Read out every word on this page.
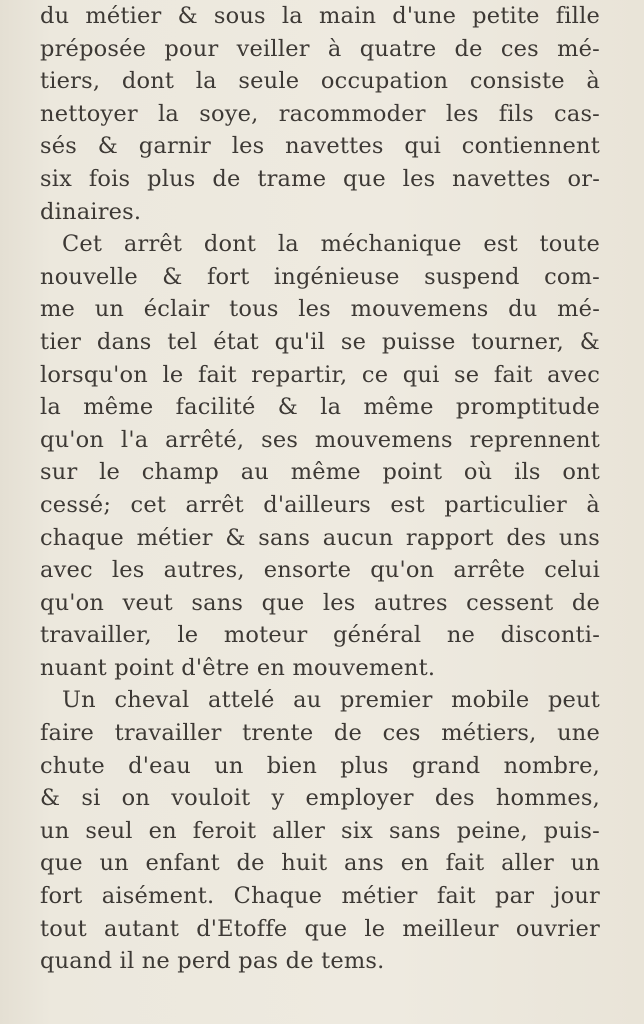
du métier & sous la main d'une petite fille
préposée pour veiller à quatre de ces mé-
tiers, dont la seule occupation consiste à
nettoyer la soye, racommoder les fils cas-
sés & garnir les navettes qui contiennent
six fois plus de trame que les navettes or-
dinaires.
Cet arrêt dont la méchanique est toute
nouvelle & fort ingénieuse suspend com-
me un éclair tous les mouvemens du mé-
tier dans tel état qu'il se puisse tourner, &
lorsqu'on le fait repartir, ce qui se fait avec
la même facilité & la même promptitude
qu'on l'a arrêté, ses mouvemens reprennent
sur le champ au même point où ils ont
cessé; cet arrêt d'ailleurs est particulier à
chaque métier & sans aucun rapport des uns
avec les autres, ensorte qu'on arrête celui
qu'on veut sans que les autres cessent de
travailler, le moteur général ne discontі-
nuant point d'être en mouvement.
Un cheval attelé au premier mobile peut
faire travailler trente de ces métiers, une
chute d'eau un bien plus grand nombre,
& si on vouloit y employer des hommes,
un seul en feroit aller six sans peine, puis-
que un enfant de huit ans en fait aller un
fort aisément. Chaque métier fait par jour
tout autant d'Etoffe que le meilleur ouvrier
quand il ne perd pas de tems.
